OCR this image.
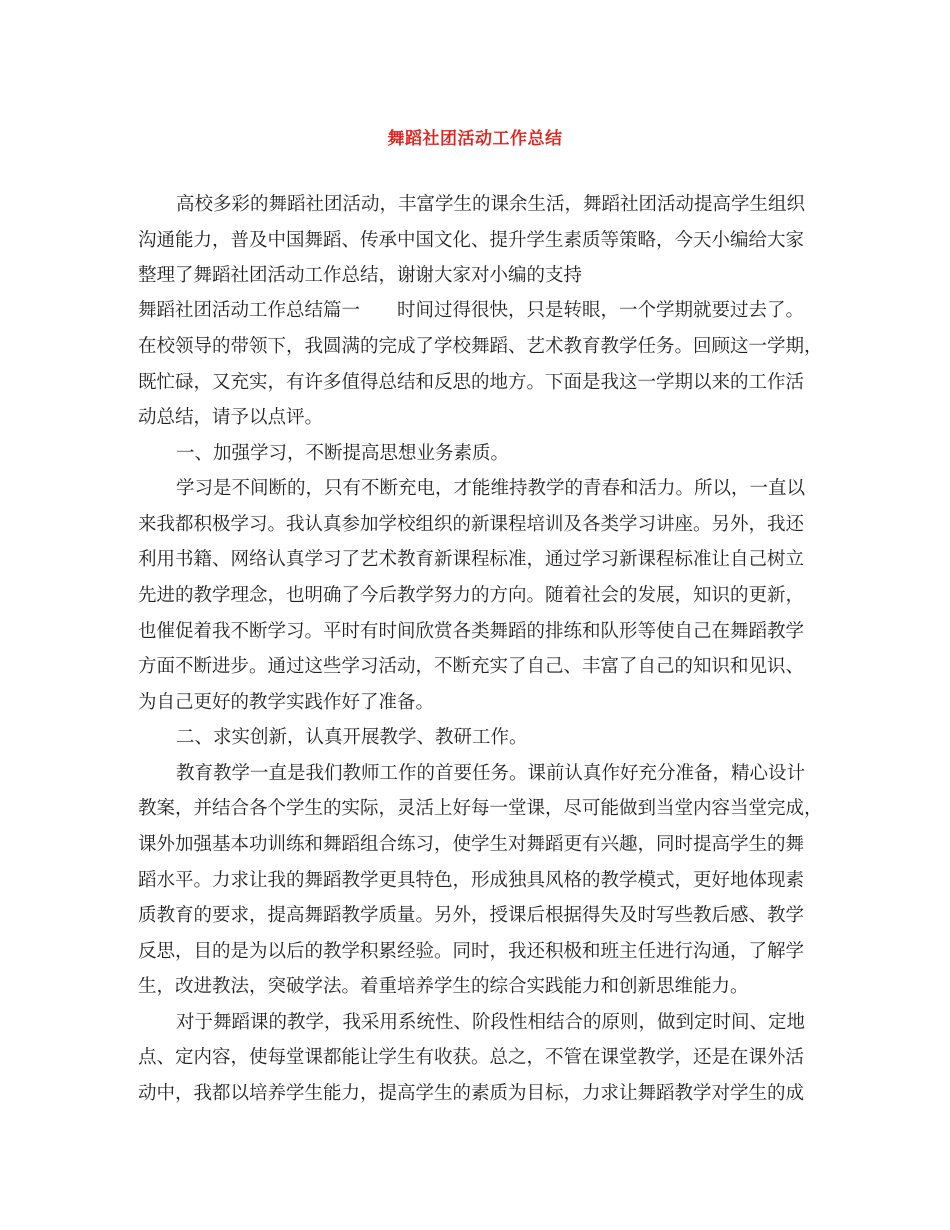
舞蹈社团活动工作总结
高校多彩的舞蹈社团活动，丰富学生的课余生活，舞蹈社团活动提高学生组织
沟通能力，普及中国舞蹈、传承中国文化、提升学生素质等策略，今天小编给大家
整理了舞蹈社团活动工作总结，谢谢大家对小编的支持
舞蹈社团活动工作总结篇一　　时间过得很快，只是转眼，一个学期就要过去了。
在校领导的带领下，我圆满的完成了学校舞蹈、艺术教育教学任务。回顾这一学期，
既忙碌，又充实，有许多值得总结和反思的地方。下面是我这一学期以来的工作活
动总结，请予以点评。
一、加强学习，不断提高思想业务素质。
学习是不间断的，只有不断充电，才能维持教学的青春和活力。所以，一直以
来我都积极学习。我认真参加学校组织的新课程培训及各类学习讲座。另外，我还
利用书籍、网络认真学习了艺术教育新课程标准，通过学习新课程标准让自己树立
先进的教学理念，也明确了今后教学努力的方向。随着社会的发展，知识的更新，
也催促着我不断学习。平时有时间欣赏各类舞蹈的排练和队形等使自己在舞蹈教学
方面不断进步。通过这些学习活动，不断充实了自己、丰富了自己的知识和见识、
为自己更好的教学实践作好了准备。
二、求实创新，认真开展教学、教研工作。
教育教学一直是我们教师工作的首要任务。课前认真作好充分准备，精心设计
教案，并结合各个学生的实际，灵活上好每一堂课，尽可能做到当堂内容当堂完成，
课外加强基本功训练和舞蹈组合练习，使学生对舞蹈更有兴趣，同时提高学生的舞
蹈水平。力求让我的舞蹈教学更具特色，形成独具风格的教学模式，更好地体现素
质教育的要求，提高舞蹈教学质量。另外，授课后根据得失及时写些教后感、教学
反思，目的是为以后的教学积累经验。同时，我还积极和班主任进行沟通，了解学
生，改进教法，突破学法。着重培养学生的综合实践能力和创新思维能力。
对于舞蹈课的教学，我采用系统性、阶段性相结合的原则，做到定时间、定地
点、定内容，使每堂课都能让学生有收获。总之，不管在课堂教学，还是在课外活
动中，我都以培养学生能力，提高学生的素质为目标，力求让舞蹈教学对学生的成
